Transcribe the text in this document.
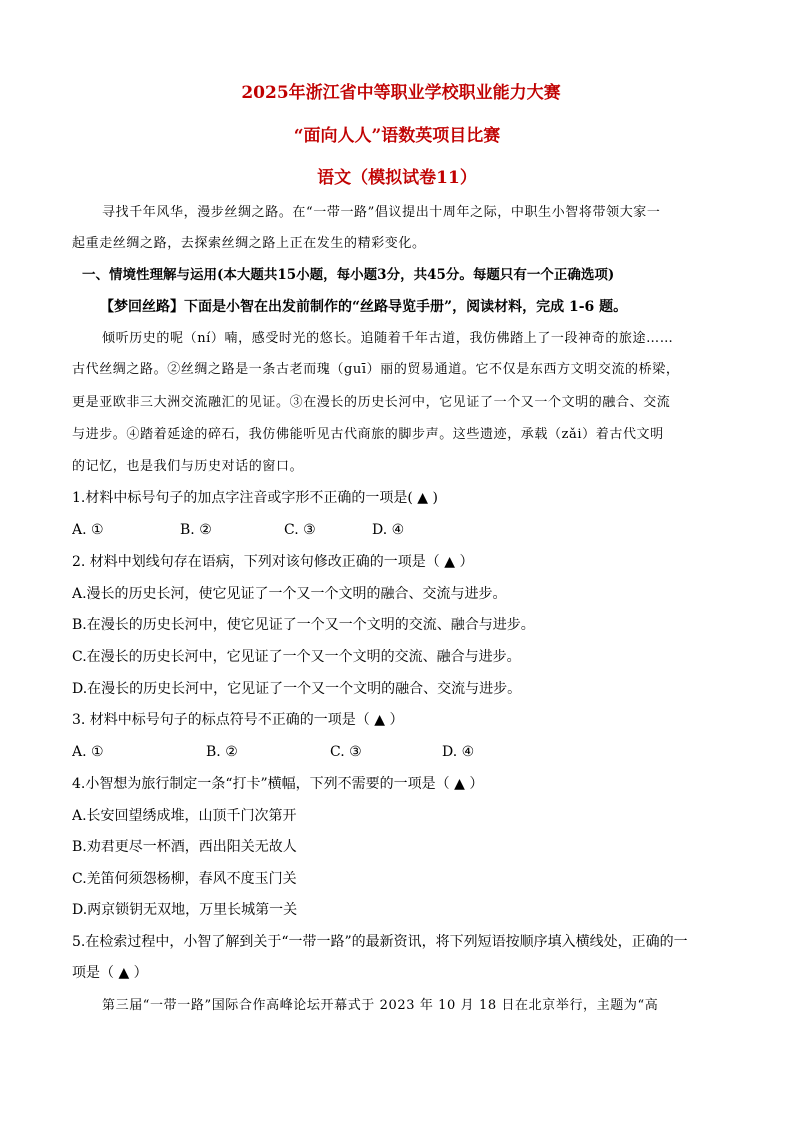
2025年浙江省中等职业学校职业能力大赛
“面向人人”语数英项目比赛
语文（模拟试卷11）
寻找千年风华，漫步丝绸之路。在“一带一路”倡议提出十周年之际，中职生小智将带领大家一
起重走丝绸之路，去探索丝绸之路上正在发生的精彩变化。
一、情境性理解与运用(本大题共15小题，每小题3分，共45分。每题只有一个正确选项)
【梦回丝路】下面是小智在出发前制作的“丝路导览手册”，阅读材料，完成 1-6 题。
倾听历史的呢（ní）喃，感受时光的悠长。追随着千年古道，我仿佛踏上了一段神奇的旅途……
古代丝绸之路。②丝绸之路是一条古老而瑰（guī）丽的贸易通道。它不仅是东西方文明交流的桥梁，
更是亚欧非三大洲交流融汇的见证。③在漫长的历史长河中，它见证了一个又一个文明的融合、交流
与进步。④踏着延途的碎石，我仿佛能听见古代商旅的脚步声。这些遗迹，承载（zǎi）着古代文明
的记忆，也是我们与历史对话的窗口。
1.材料中标号句子的加点字注音或字形不正确的一项是( ▲ )
A. ①	B. ②	C. ③	D. ④
2. 材料中划线句存在语病，下列对该句修改正确的一项是（ ▲ ）
A.漫长的历史长河，使它见证了一个又一个文明的融合、交流与进步。
B.在漫长的历史长河中，使它见证了一个又一个文明的交流、融合与进步。
C.在漫长的历史长河中，它见证了一个又一个文明的交流、融合与进步。
D.在漫长的历史长河中，它见证了一个又一个文明的融合、交流与进步。
3. 材料中标号句子的标点符号不正确的一项是（ ▲ ）
A. ①	B. ②	C. ③	D. ④
4.小智想为旅行制定一条“打卡”横幅，下列不需要的一项是（ ▲ ）
A.长安回望绣成堆，山顶千门次第开
B.劝君更尽一杯酒，西出阳关无故人
C.羌笛何须怨杨柳，春风不度玉门关
D.两京锁钥无双地，万里长城第一关
5.在检索过程中，小智了解到关于“一带一路”的最新资讯，将下列短语按顺序填入横线处，正确的一
项是（ ▲ ）
第三届“一带一路”国际合作高峰论坛开幕式于 2023 年 10 月 18 日在北京举行，主题为“高
